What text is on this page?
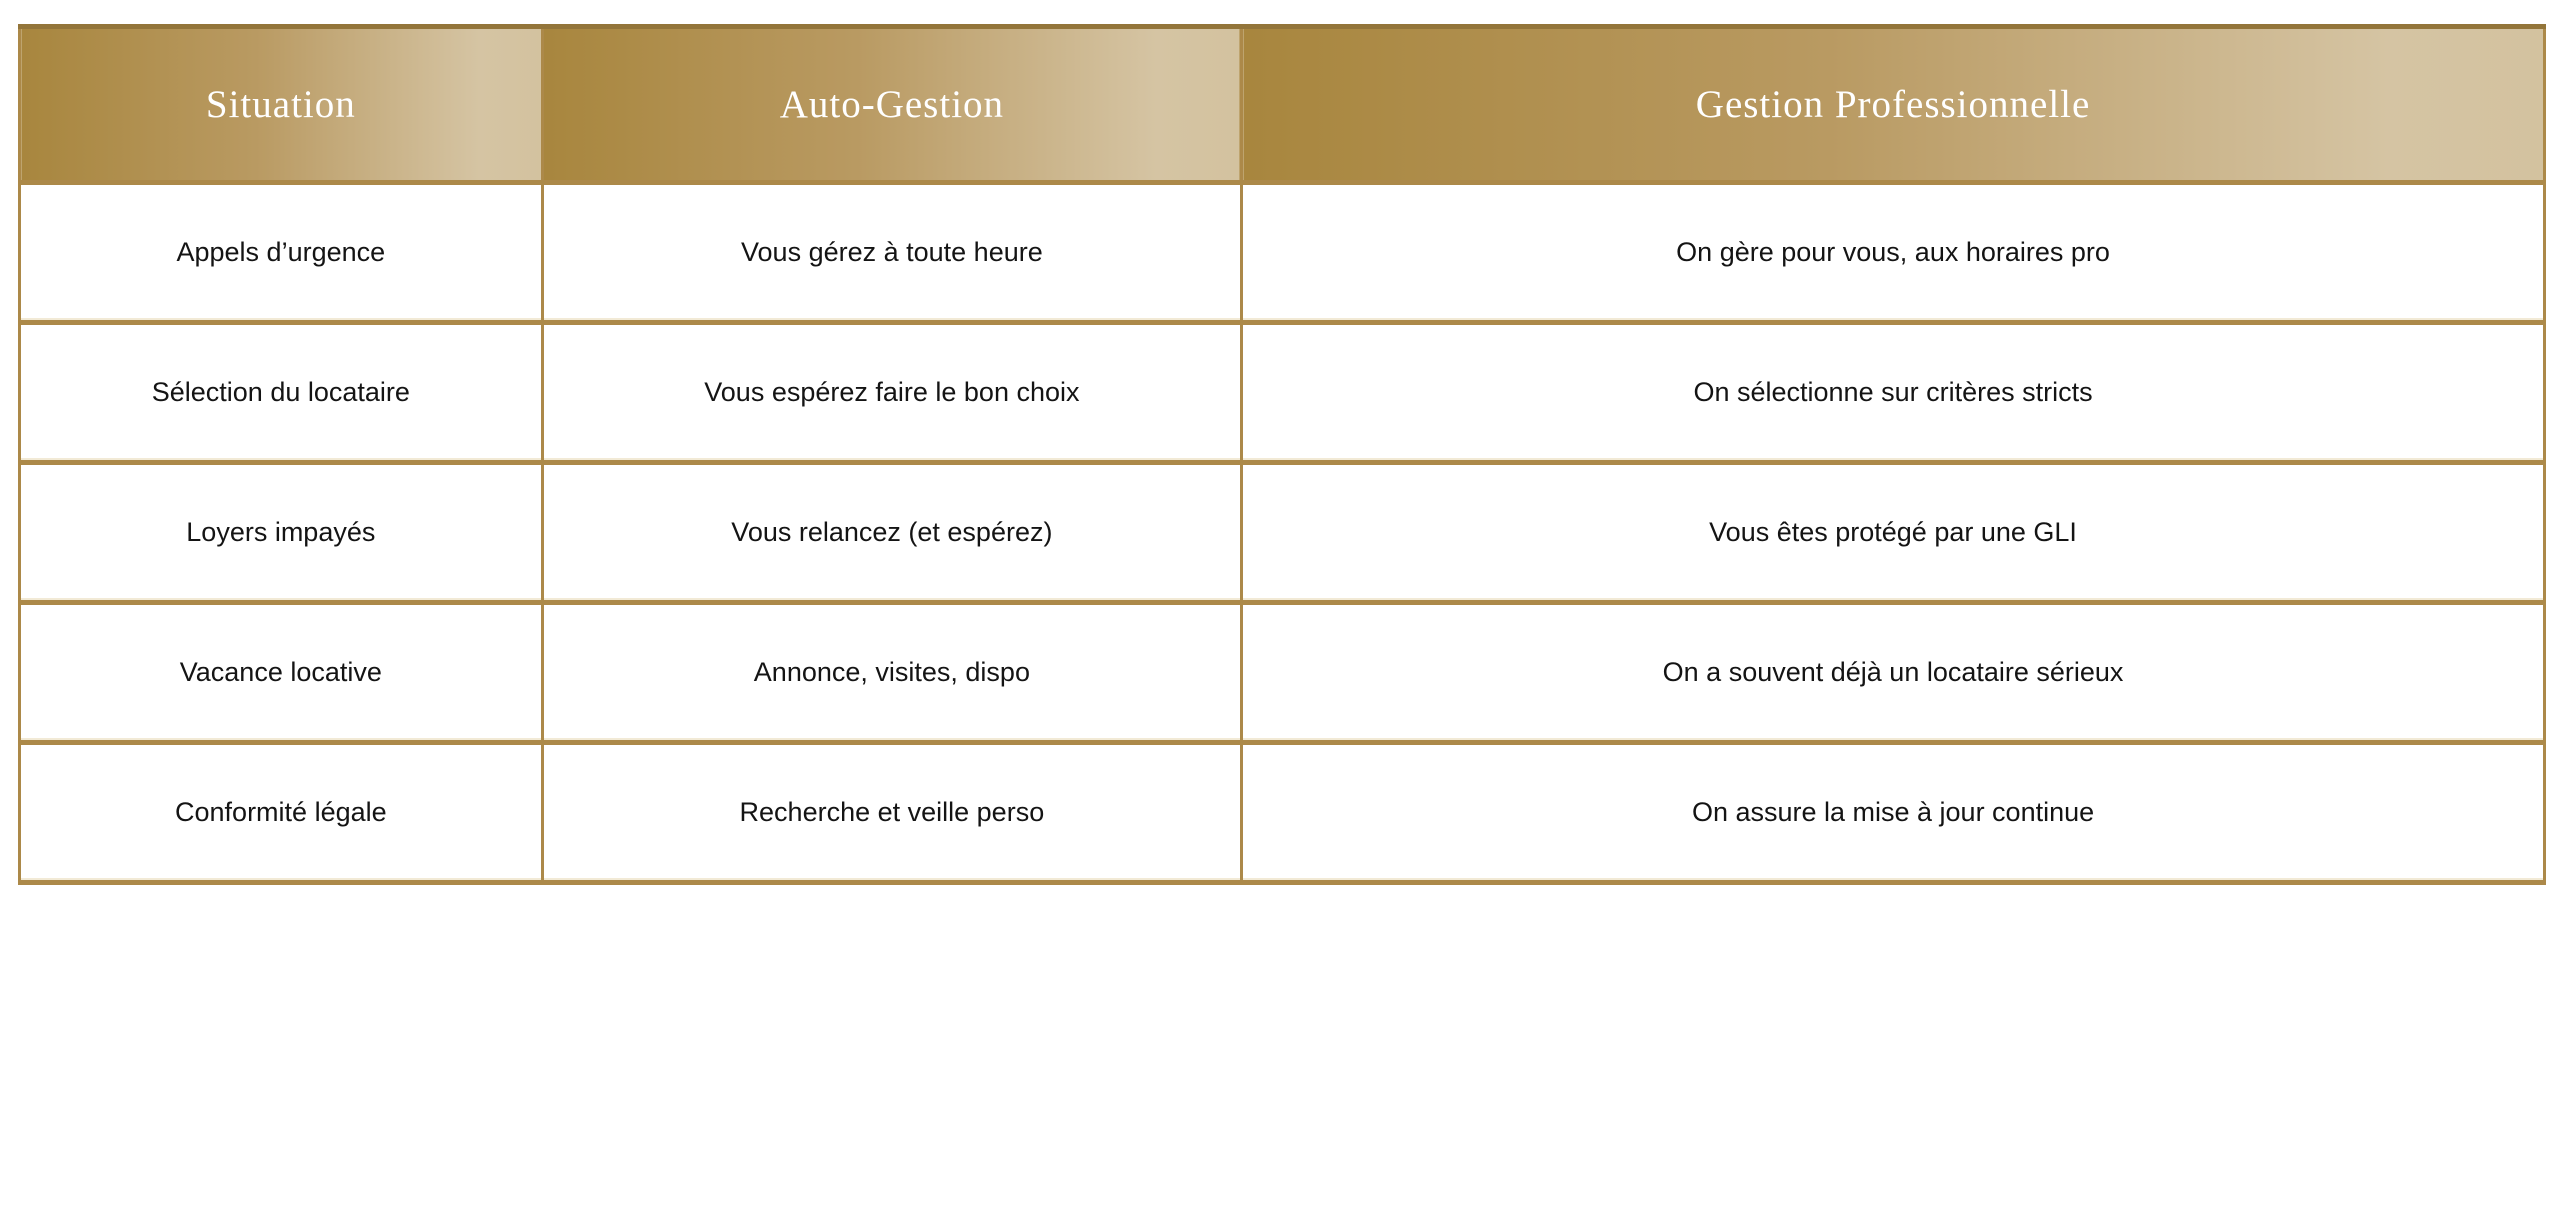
Situation	Auto-Gestion	Gestion Professionnelle
Appels d’urgence	Vous gérez à toute heure	On gère pour vous, aux horaires pro
Sélection du locataire	Vous espérez faire le bon choix	On sélectionne sur critères stricts
Loyers impayés	Vous relancez (et espérez)	Vous êtes protégé par une GLI
Vacance locative	Annonce, visites, dispo	On a souvent déjà un locataire sérieux
Conformité légale	Recherche et veille perso	On assure la mise à jour continue
